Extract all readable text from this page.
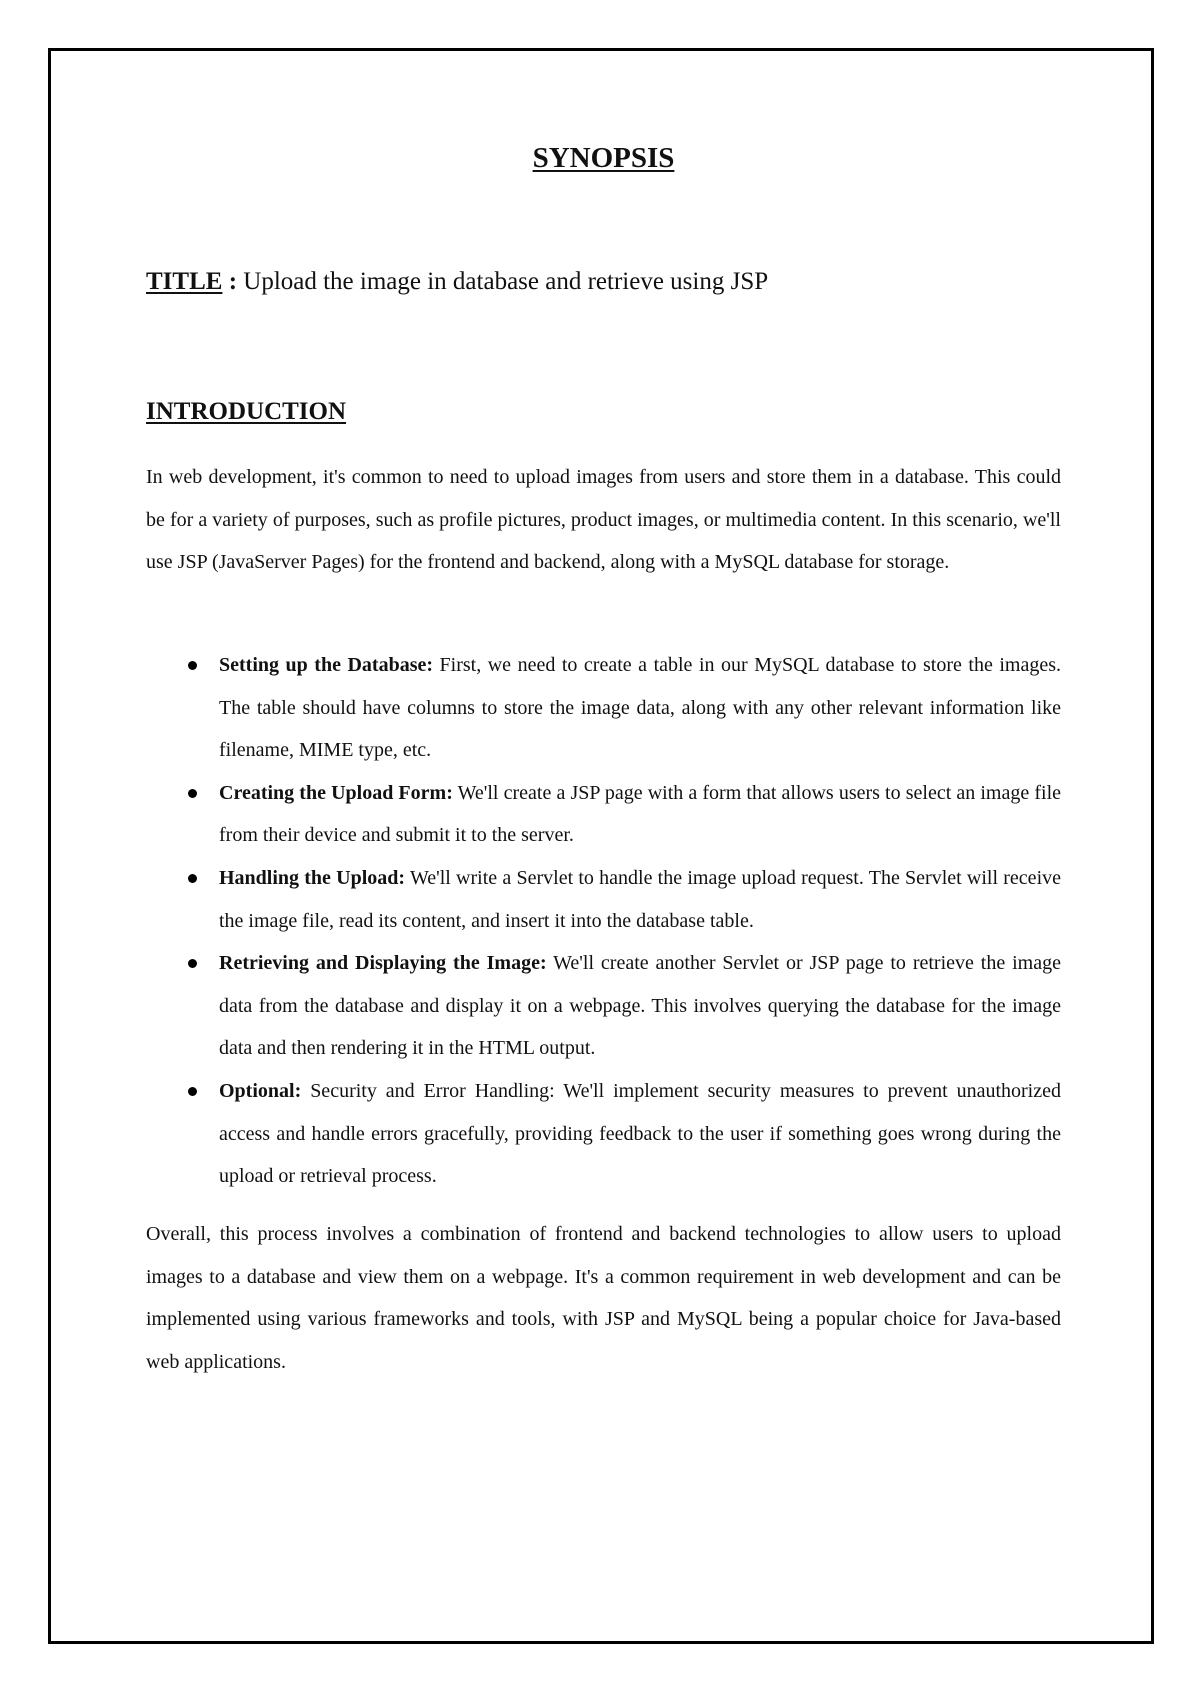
SYNOPSIS

TITLE : Upload the image in database and retrieve using JSP

INTRODUCTION

In web development, it's common to need to upload images from users and store them in a database. This could be for a variety of purposes, such as profile pictures, product images, or multimedia content. In this scenario, we'll use JSP (JavaServer Pages) for the frontend and backend, along with a MySQL database for storage.

Setting up the Database: First, we need to create a table in our MySQL database to store the images. The table should have columns to store the image data, along with any other relevant information like filename, MIME type, etc.
Creating the Upload Form: We'll create a JSP page with a form that allows users to select an image file from their device and submit it to the server.
Handling the Upload: We'll write a Servlet to handle the image upload request. The Servlet will receive the image file, read its content, and insert it into the database table.
Retrieving and Displaying the Image: We'll create another Servlet or JSP page to retrieve the image data from the database and display it on a webpage. This involves querying the database for the image data and then rendering it in the HTML output.
Optional: Security and Error Handling: We'll implement security measures to prevent unauthorized access and handle errors gracefully, providing feedback to the user if something goes wrong during the upload or retrieval process.

Overall, this process involves a combination of frontend and backend technologies to allow users to upload images to a database and view them on a webpage. It's a common requirement in web development and can be implemented using various frameworks and tools, with JSP and MySQL being a popular choice for Java-based web applications.
